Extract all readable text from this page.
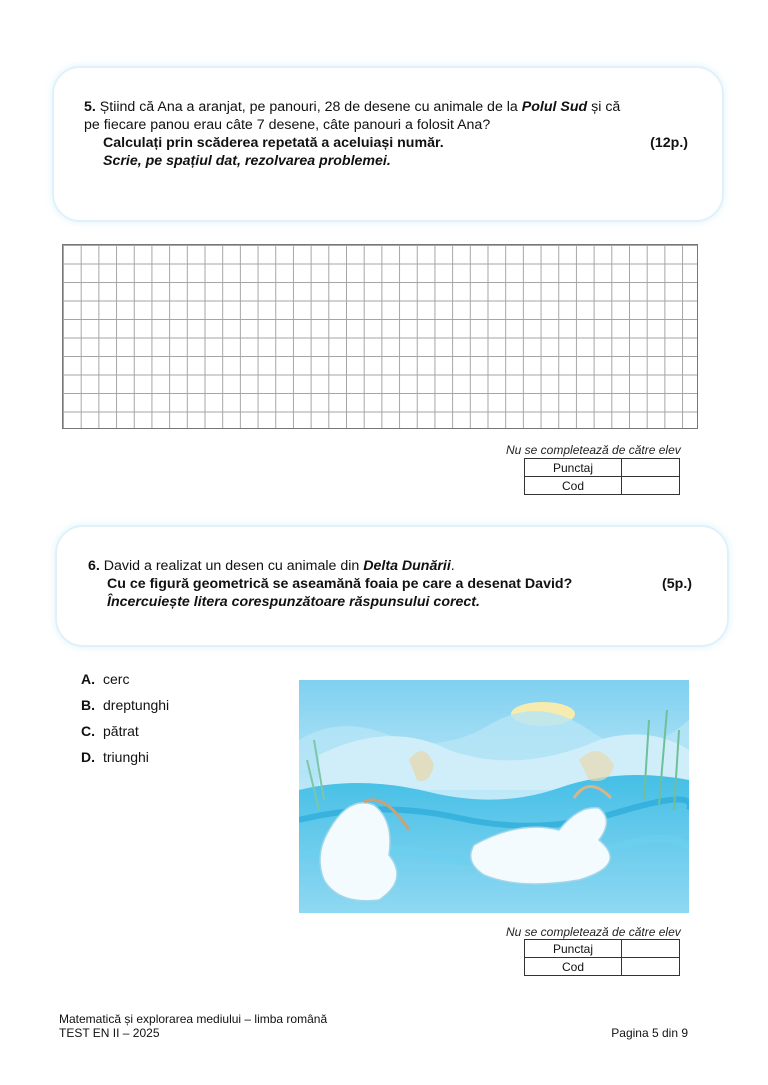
5. Știind că Ana a aranjat, pe panouri, 28 de desene cu animale de la Polul Sud și că
pe fiecare panou erau câte 7 desene, câte panouri a folosit Ana?
Calculați prin scăderea repetată a aceluiași număr.	(12p.)
Scrie, pe spațiul dat, rezolvarea problemei.
Nu se completează de către elev
Punctaj	
Cod	
6. David a realizat un desen cu animale din Delta Dunării.
Cu ce figură geometrică se aseamănă foaia pe care a desenat David?	(5p.)
Încercuiește litera corespunzătoare răspunsului corect.
A. cerc
B. dreptunghi
C. pătrat
D. triunghi
Nu se completează de către elev
Punctaj	
Cod	
Matematică și explorarea mediului – limba română
TEST EN II – 2025	Pagina 5 din 9
